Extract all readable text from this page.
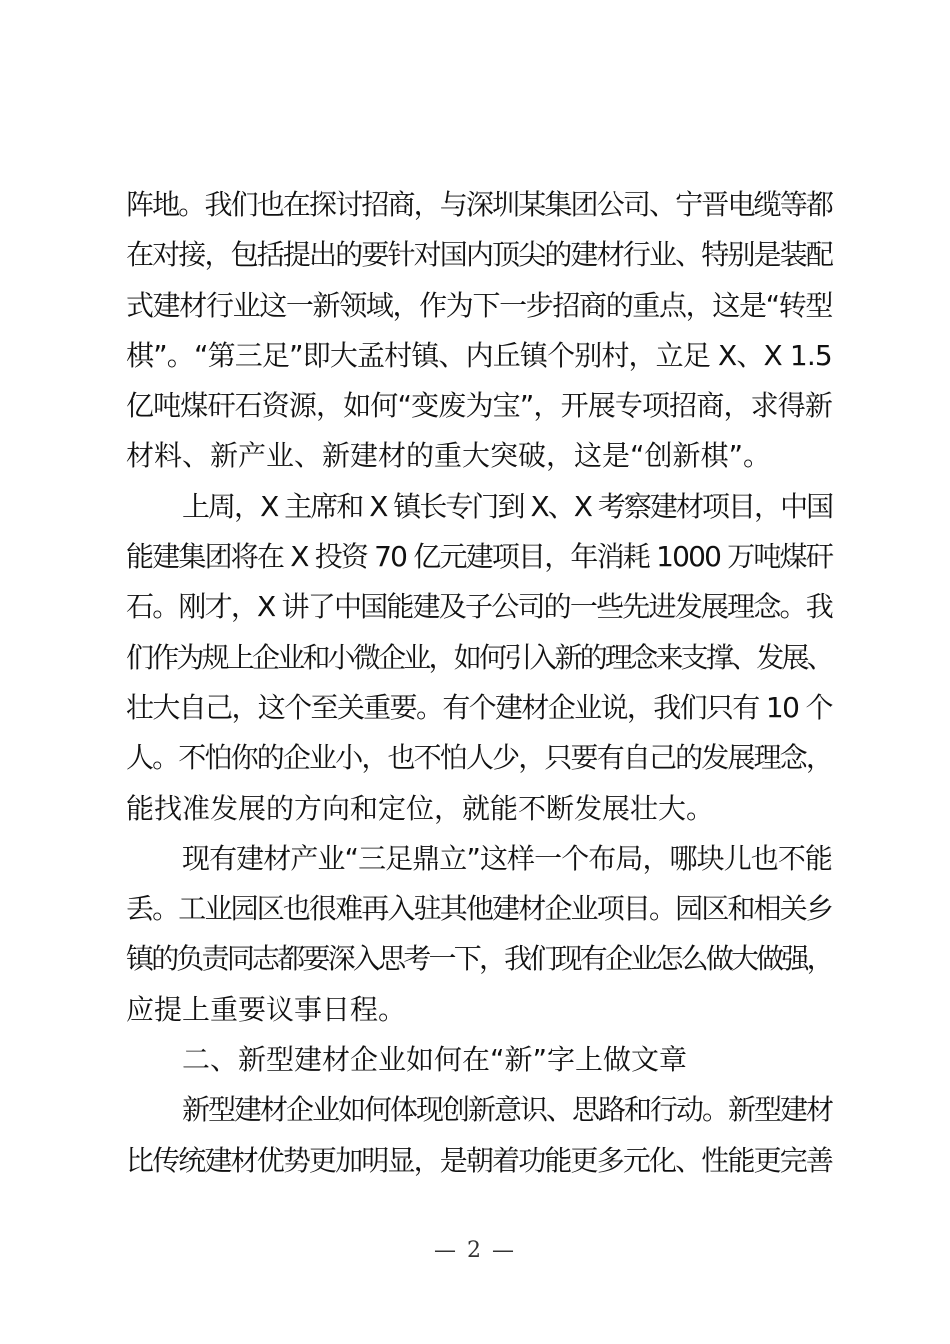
阵地。我们也在探讨招商，与深圳某集团公司、宁晋电缆等都
在对接，包括提出的要针对国内顶尖的建材行业、特别是装配
式建材行业这一新领域，作为下一步招商的重点，这是“转型
棋”。“第三足”即大孟村镇、内丘镇个别村，立足 X、X 1.5
亿吨煤矸石资源，如何“变废为宝”，开展专项招商，求得新
材料、新产业、新建材的重大突破，这是“创新棋”。
上周，X 主席和 X 镇长专门到 X、X 考察建材项目，中国
能建集团将在 X 投资 70 亿元建项目，年消耗 1000 万吨煤矸
石。刚才，X 讲了中国能建及子公司的一些先进发展理念。我
们作为规上企业和小微企业，如何引入新的理念来支撑、发展、
壮大自己，这个至关重要。有个建材企业说，我们只有 10 个
人。不怕你的企业小，也不怕人少，只要有自己的发展理念，
能找准发展的方向和定位，就能不断发展壮大。
现有建材产业“三足鼎立”这样一个布局，哪块儿也不能
丢。工业园区也很难再入驻其他建材企业项目。园区和相关乡
镇的负责同志都要深入思考一下，我们现有企业怎么做大做强，
应提上重要议事日程。
二、新型建材企业如何在“新”字上做文章
新型建材企业如何体现创新意识、思路和行动。新型建材
比传统建材优势更加明显，是朝着功能更多元化、性能更完善
— 2 —
